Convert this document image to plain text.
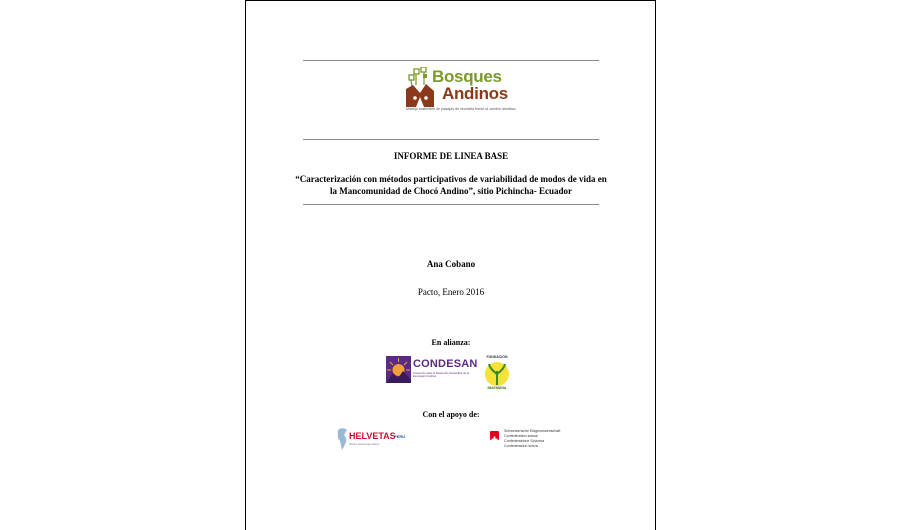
Bosques
Andinos
Manejo sostenible de paisajes de montaña frente al cambio climático
INFORME DE LINEA BASE
“Caracterización con métodos participativos de variabilidad de modos de vida en la Mancomunidad de Chocó Andino”, sitio Pichincha- Ecuador
Ana Cobano
Pacto, Enero 2016
En alianza:
CONDESAN
Consorcio para el Desarrollo Sostenible de la Ecorregión Andina
FUNDACIÓN
IMAYMANA
Con el apoyo de:
HELVETAS
Swiss Intercooperation
PERÚ
Schweizerische Eidgenossenschaft
Confédération suisse
Confederazione Svizzera
Confederaziun svizra
